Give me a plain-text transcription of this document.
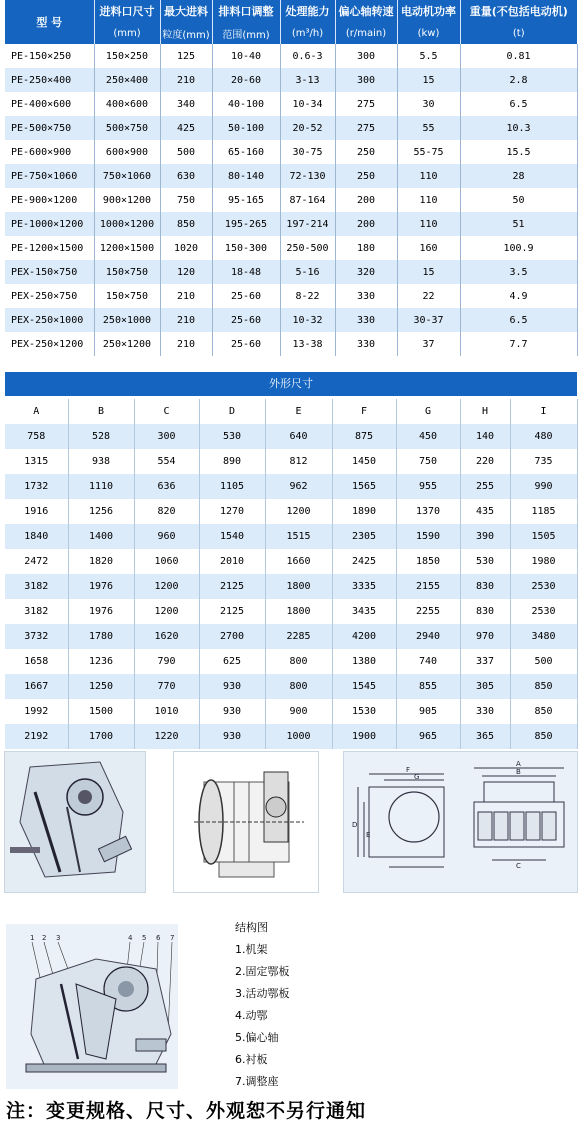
型 号	进料口尺寸	最大进料	排料口调整	处理能力	偏心轴转速	电动机功率	重量(不包括电动机)
	(mm)	粒度(mm)	范围(mm)	(m³/h)	(r/main)	(kw)	(t)
PE-150×250	150×250	125	10-40	0.6-3	300	5.5	0.81
PE-250×400	250×400	210	20-60	3-13	300	15	2.8
PE-400×600	400×600	340	40-100	10-34	275	30	6.5
PE-500×750	500×750	425	50-100	20-52	275	55	10.3
PE-600×900	600×900	500	65-160	30-75	250	55-75	15.5
PE-750×1060	750×1060	630	80-140	72-130	250	110	28
PE-900×1200	900×1200	750	95-165	87-164	200	110	50
PE-1000×1200	1000×1200	850	195-265	197-214	200	110	51
PE-1200×1500	1200×1500	1020	150-300	250-500	180	160	100.9
PEX-150×750	150×750	120	18-48	5-16	320	15	3.5
PEX-250×750	150×750	210	25-60	8-22	330	22	4.9
PEX-250×1000	250×1000	210	25-60	10-32	330	30-37	6.5
PEX-250×1200	250×1200	210	25-60	13-38	330	37	7.7
外形尺寸
A	B	C	D	E	F	G	H	I
758	528	300	530	640	875	450	140	480
1315	938	554	890	812	1450	750	220	735
1732	1110	636	1105	962	1565	955	255	990
1916	1256	820	1270	1200	1890	1370	435	1185
1840	1400	960	1540	1515	2305	1590	390	1505
2472	1820	1060	2010	1660	2425	1850	530	1980
3182	1976	1200	2125	1800	3335	2155	830	2530
3182	1976	1200	2125	1800	3435	2255	830	2530
3732	1780	1620	2700	2285	4200	2940	970	3480
1658	1236	790	625	800	1380	740	337	500
1667	1250	770	930	800	1545	855	305	850
1992	1500	1010	930	900	1530	905	330	850
2192	1700	1220	930	1000	1900	965	365	850
F
G
D
E
A
B
C
1 2 3	4 5 6 7
结构图
1.机架
2.固定鄂板
3.活动鄂板
4.动鄂
5.偏心轴
6.衬板
7.调整座
注：变更规格、尺寸、外观恕不另行通知
